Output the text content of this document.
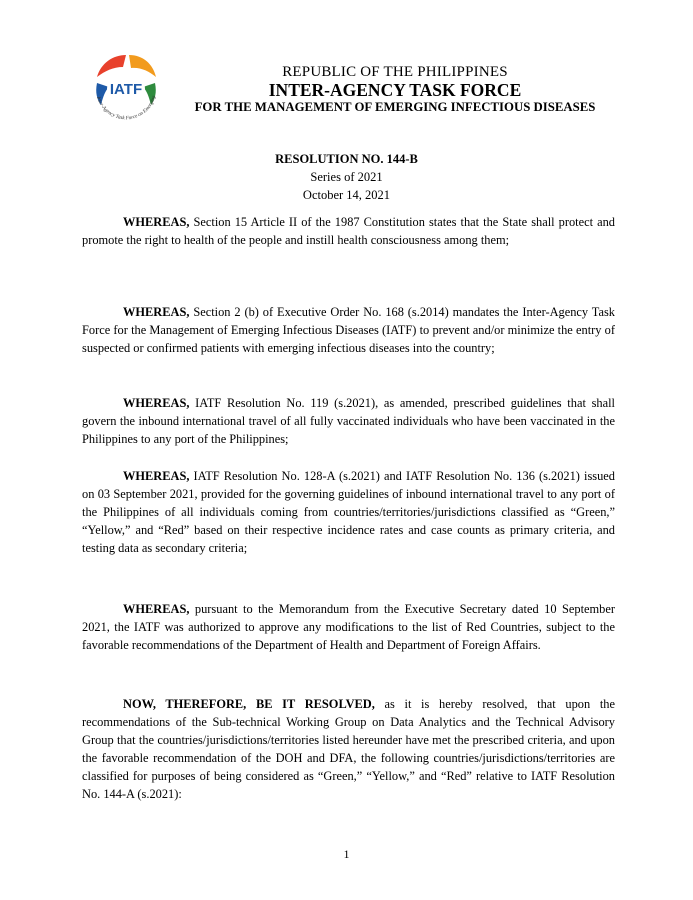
IATF
Inter-Agency Task Force on Emerging
REPUBLIC OF THE PHILIPPINES
INTER-AGENCY TASK FORCE
FOR THE MANAGEMENT OF EMERGING INFECTIOUS DISEASES
RESOLUTION NO. 144-B
Series of 2021
October 14, 2021
WHEREAS, Section 15 Article II of the 1987 Constitution states that the State shall protect and promote the right to health of the people and instill health consciousness among them;
WHEREAS, Section 2 (b) of Executive Order No. 168 (s.2014) mandates the Inter-Agency Task Force for the Management of Emerging Infectious Diseases (IATF) to prevent and/or minimize the entry of suspected or confirmed patients with emerging infectious diseases into the country;
WHEREAS, IATF Resolution No. 119 (s.2021), as amended, prescribed guidelines that shall govern the inbound international travel of all fully vaccinated individuals who have been vaccinated in the Philippines to any port of the Philippines;
WHEREAS, IATF Resolution No. 128-A (s.2021) and IATF Resolution No. 136 (s.2021) issued on 03 September 2021, provided for the governing guidelines of inbound international travel to any port of the Philippines of all individuals coming from countries/territories/jurisdictions classified as “Green,” “Yellow,” and “Red” based on their respective incidence rates and case counts as primary criteria, and testing data as secondary criteria;
WHEREAS, pursuant to the Memorandum from the Executive Secretary dated 10 September 2021, the IATF was authorized to approve any modifications to the list of Red Countries, subject to the favorable recommendations of the Department of Health and Department of Foreign Affairs.
NOW, THEREFORE, BE IT RESOLVED, as it is hereby resolved, that upon the recommendations of the Sub-technical Working Group on Data Analytics and the Technical Advisory Group that the countries/jurisdictions/territories listed hereunder have met the prescribed criteria, and upon the favorable recommendation of the DOH and DFA, the following countries/jurisdictions/territories are classified for purposes of being considered as “Green,” “Yellow,” and “Red” relative to IATF Resolution No. 144-A (s.2021):
1
